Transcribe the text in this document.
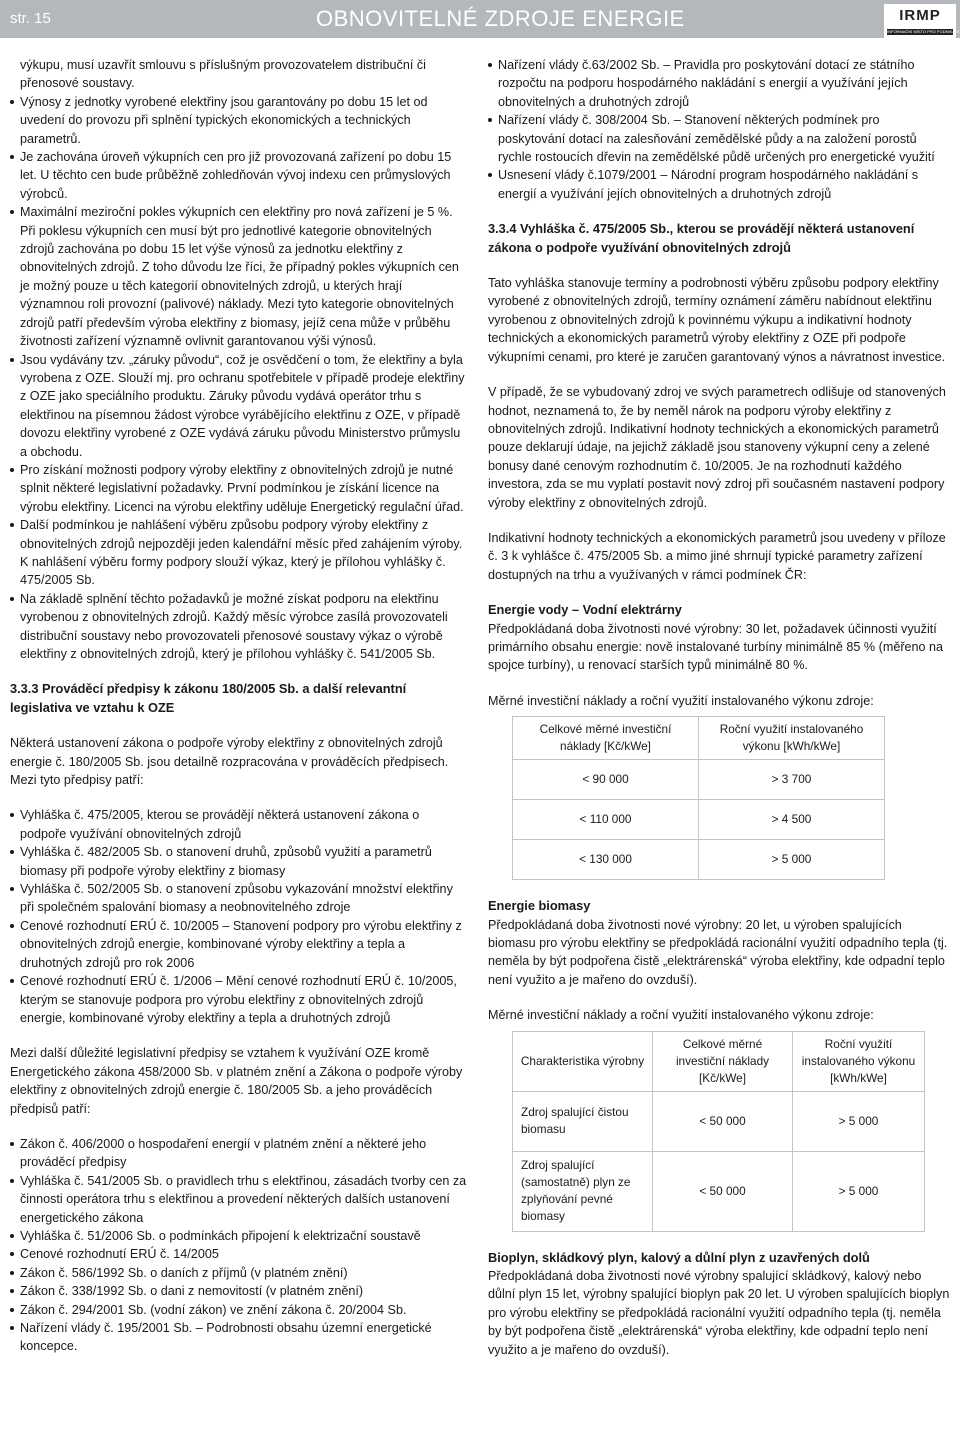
str. 15	OBNOVITELNÉ ZDROJE ENERGIE	IRMP
INFORMAČNÍ MÍSTO PRO PODNIKATELE

výkupu, musí uzavřít smlouvu s příslušným provozovatelem distribuční či přenosové soustavy.

Výnosy z jednotky vyrobené elektřiny jsou garantovány po dobu 15 let od uvedení do provozu při splnění typických ekonomických a technických parametrů.
Je zachována úroveň výkupních cen pro již provozovaná zařízení po dobu 15 let. U těchto cen bude průběžně zohledňován vývoj indexu cen průmyslových výrobců.
Maximální meziroční pokles výkupních cen elektřiny pro nová zařízení je 5 %. Při poklesu výkupních cen musí být pro jednotlivé kategorie obnovitelných zdrojů zachována po dobu 15 let výše výnosů za jednotku elektřiny z obnovitelných zdrojů. Z toho důvodu lze říci, že případný pokles výkupních cen je možný pouze u těch kategorií obnovitelných zdrojů, u kterých hrají významnou roli provozní (palivové) náklady. Mezi tyto kategorie obnovitelných zdrojů patří především výroba elektřiny z biomasy, jejíž cena může v průběhu životnosti zařízení významně ovlivnit garantovanou výši výnosů.
Jsou vydávány tzv. „záruky původu“, což je osvědčení o tom, že elektřiny a byla vyrobena z OZE. Slouží mj. pro ochranu spotřebitele v případě prodeje elektřiny z OZE jako speciálního produktu. Záruky původu vydává operátor trhu s elektřinou na písemnou žádost výrobce vyrábějícího elektřinu z OZE, v případě dovozu elektřiny vyrobené z OZE vydává záruku původu Ministerstvo průmyslu a obchodu.
Pro získání možnosti podpory výroby elektřiny z obnovitelných zdrojů je nutné splnit některé legislativní požadavky. První podmínkou je získání licence na výrobu elektřiny. Licenci na výrobu elektřiny uděluje Energetický regulační úřad.
Další podmínkou je nahlášení výběru způsobu podpory výroby elektřiny z obnovitelných zdrojů nejpozději jeden kalendářní měsíc před zahájením výroby. K nahlášení výběru formy podpory slouží výkaz, který je přílohou vyhlášky č. 475/2005 Sb.
Na základě splnění těchto požadavků je možné získat podporu na elektřinu vyrobenou z obnovitelných zdrojů. Každý měsíc výrobce zasílá provozovateli distribuční soustavy nebo provozovateli přenosové soustavy výkaz o výrobě elektřiny z obnovitelných zdrojů, který je přílohou vyhlášky č. 541/2005 Sb.

3.3.3 Prováděcí předpisy k zákonu 180/2005 Sb. a další relevantní legislativa ve vztahu k OZE

Některá ustanovení zákona o podpoře výroby elektřiny z obnovitelných zdrojů energie č. 180/2005 Sb. jsou detailně rozpracována v prováděcích předpisech. Mezi tyto předpisy patří:

Vyhláška č. 475/2005, kterou se provádějí některá ustanovení zákona o podpoře využívání obnovitelných zdrojů
Vyhláška č. 482/2005 Sb. o stanovení druhů, způsobů využití a parametrů biomasy při podpoře výroby elektřiny z biomasy
Vyhláška č. 502/2005 Sb. o stanovení způsobu vykazování množství elektřiny při společném spalování biomasy a neobnovitelného zdroje
Cenové rozhodnutí ERÚ č. 10/2005 – Stanovení podpory pro výrobu elektřiny z obnovitelných zdrojů energie, kombinované výroby elektřiny a tepla a druhotných zdrojů pro rok 2006
Cenové rozhodnutí ERÚ č. 1/2006 – Mění cenové rozhodnutí ERÚ č. 10/2005, kterým se stanovuje podpora pro výrobu elektřiny z obnovitelných zdrojů energie, kombinované výroby elektřiny a tepla a druhotných zdrojů

Mezi další důležité legislativní předpisy se vztahem k využívání OZE kromě Energetického zákona 458/2000 Sb. v platném znění a Zákona o podpoře výroby elektřiny z obnovitelných zdrojů energie č. 180/2005 Sb. a jeho prováděcích předpisů patří:

Zákon č. 406/2000 o hospodaření energií v platném znění a některé jeho prováděcí předpisy
Vyhláška č. 541/2005 Sb. o pravidlech trhu s elektřinou, zásadách tvorby cen za činnosti operátora trhu s elektřinou a provedení některých dalších ustanovení energetického zákona
Vyhláška č. 51/2006 Sb. o podmínkách připojení k elektrizační soustavě
Cenové rozhodnutí ERÚ č. 14/2005
Zákon č. 586/1992 Sb. o daních z příjmů (v platném znění)
Zákon č. 338/1992 Sb. o dani z nemovitostí (v platném znění)
Zákon č. 294/2001 Sb. (vodní zákon) ve znění zákona č. 20/2004 Sb.
Nařízení vlády č. 195/2001 Sb. – Podrobnosti obsahu územní energetické koncepce.
Nařízení vlády č.63/2002 Sb. – Pravidla pro poskytování dotací ze státního rozpočtu na podporu hospodárného nakládání s energií a využívání jejích obnovitelných a druhotných zdrojů
Nařízení vlády č. 308/2004 Sb. – Stanovení některých podmínek pro poskytování dotací na zalesňování zemědělské půdy a na založení porostů rychle rostoucích dřevin na zemědělské půdě určených pro energetické využití
Usnesení vlády č.1079/2001 – Národní program hospodárného nakládání s energií a využívání jejích obnovitelných a druhotných zdrojů

3.3.4 Vyhláška č. 475/2005 Sb., kterou se provádějí některá ustanovení zákona o podpoře využívání obnovitelných zdrojů

Tato vyhláška stanovuje termíny a podrobnosti výběru způsobu podpory elektřiny vyrobené z obnovitelných zdrojů, termíny oznámení záměru nabídnout elektřinu vyrobenou z obnovitelných zdrojů k povinnému výkupu a indikativní hodnoty technických a ekonomických parametrů výroby elektřiny z OZE při podpoře výkupními cenami, pro které je zaručen garantovaný výnos a návratnost investice.

V případě, že se vybudovaný zdroj ve svých parametrech odlišuje od stanovených hodnot, neznamená to, že by neměl nárok na podporu výroby elektřiny z obnovitelných zdrojů. Indikativní hodnoty technických a ekonomických parametrů pouze deklarují údaje, na jejichž základě jsou stanoveny výkupní ceny a zelené bonusy dané cenovým rozhodnutím č. 10/2005. Je na rozhodnutí každého investora, zda se mu vyplatí postavit nový zdroj při současném nastavení podpory výroby elektřiny z obnovitelných zdrojů.

Indikativní hodnoty technických a ekonomických parametrů jsou uvedeny v příloze č. 3 k vyhlášce č. 475/2005 Sb. a mimo jiné shrnují typické parametry zařízení dostupných na trhu a využívaných v rámci podmínek ČR:

Energie vody – Vodní elektrárny

Předpokládaná doba životnosti nové výrobny: 30 let, požadavek účinnosti využití primárního obsahu energie: nově instalované turbíny minimálně 85 % (měřeno na spojce turbíny), u renovací starších typů minimálně 80 %.

Měrné investiční náklady a roční využití instalovaného výkonu zdroje:

Celkové měrné investiční náklady [Kč/kWe]	Roční využití instalovaného výkonu [kWh/kWe]
< 90 000	> 3 700
< 110 000	> 4 500
< 130 000	> 5 000

Energie biomasy

Předpokládaná doba životnosti nové výrobny: 20 let, u výroben spalujících biomasu pro výrobu elektřiny se předpokládá racionální využití odpadního tepla (tj. neměla by být podpořena čistě „elektrárenská“ výroba elektřiny, kde odpadní teplo není využito a je mařeno do ovzduší).

Měrné investiční náklady a roční využití instalovaného výkonu zdroje:

Charakteristika výrobny	Celkové měrné investiční náklady [Kč/kWe]	Roční využití instalovaného výkonu [kWh/kWe]
Zdroj spalující čistou biomasu	< 50 000	> 5 000
Zdroj spalující (samostatně) plyn ze zplyňování pevné biomasy	< 50 000	> 5 000

Bioplyn, skládkový plyn, kalový a důlní plyn z uzavřených dolů

Předpokládaná doba životnosti nové výrobny spalující skládkový, kalový nebo důlní plyn 15 let, výrobny spalující bioplyn pak 20 let. U výroben spalujících bioplyn pro výrobu elektřiny se předpokládá racionální využití odpadního tepla (tj. neměla by být podpořena čistě „elektrárenská“ výroba elektřiny, kde odpadní teplo není využito a je mařeno do ovzduší).
